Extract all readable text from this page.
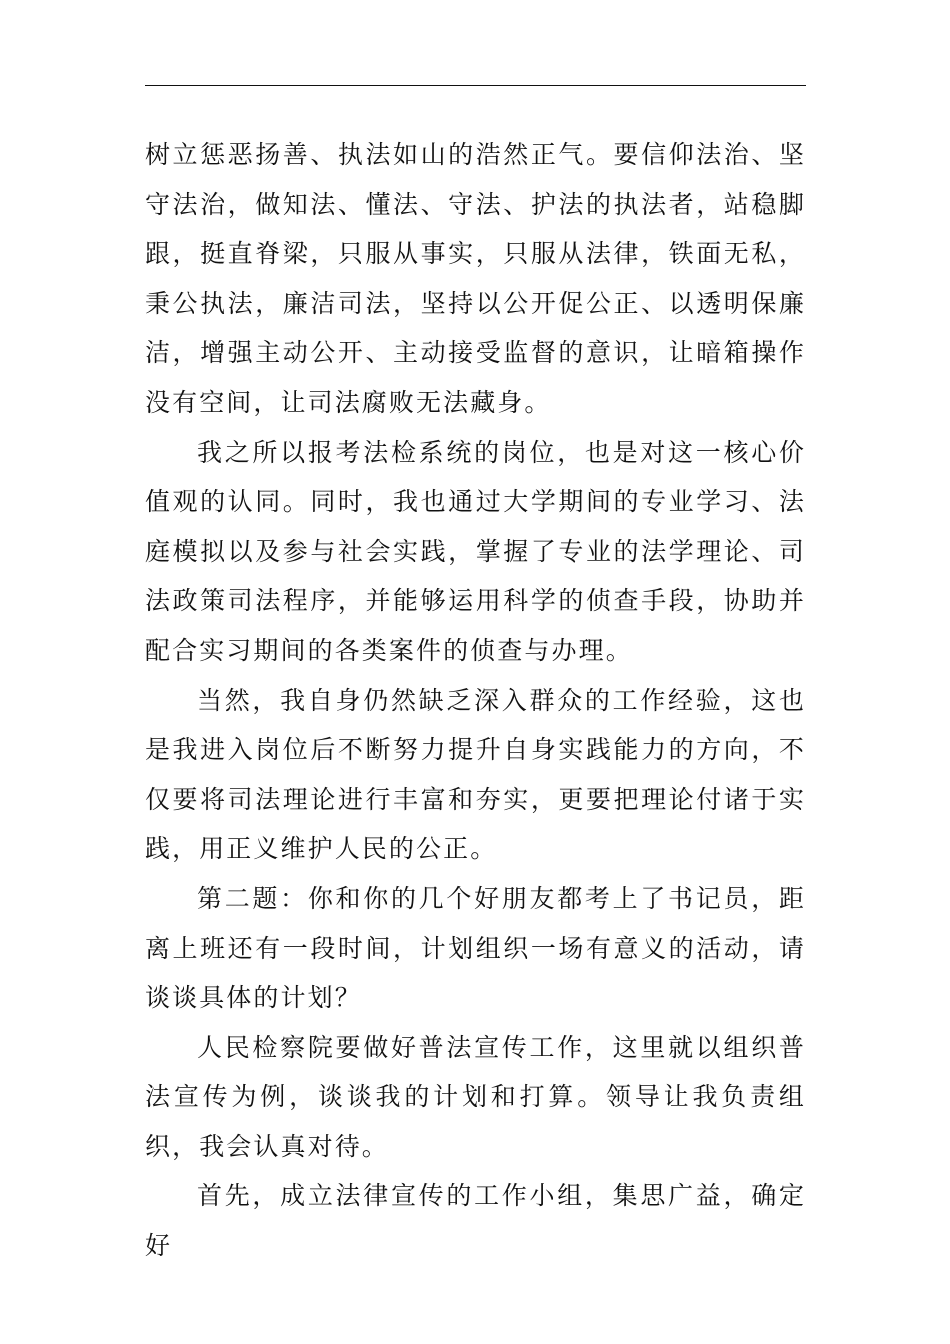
树立惩恶扬善、执法如山的浩然正气。要信仰法治、坚守法治，做知法、懂法、守法、护法的执法者，站稳脚跟，挺直脊梁，只服从事实，只服从法律，铁面无私，秉公执法，廉洁司法，坚持以公开促公正、以透明保廉洁，增强主动公开、主动接受监督的意识，让暗箱操作没有空间，让司法腐败无法藏身。

我之所以报考法检系统的岗位，也是对这一核心价值观的认同。同时，我也通过大学期间的专业学习、法庭模拟以及参与社会实践，掌握了专业的法学理论、司法政策司法程序，并能够运用科学的侦查手段，协助并配合实习期间的各类案件的侦查与办理。

当然，我自身仍然缺乏深入群众的工作经验，这也是我进入岗位后不断努力提升自身实践能力的方向，不仅要将司法理论进行丰富和夯实，更要把理论付诸于实践，用正义维护人民的公正。

第二题：你和你的几个好朋友都考上了书记员，距离上班还有一段时间，计划组织一场有意义的活动，请谈谈具体的计划？

人民检察院要做好普法宣传工作，这里就以组织普法宣传为例，谈谈我的计划和打算。领导让我负责组织，我会认真对待。

首先，成立法律宣传的工作小组，集思广益，确定好
